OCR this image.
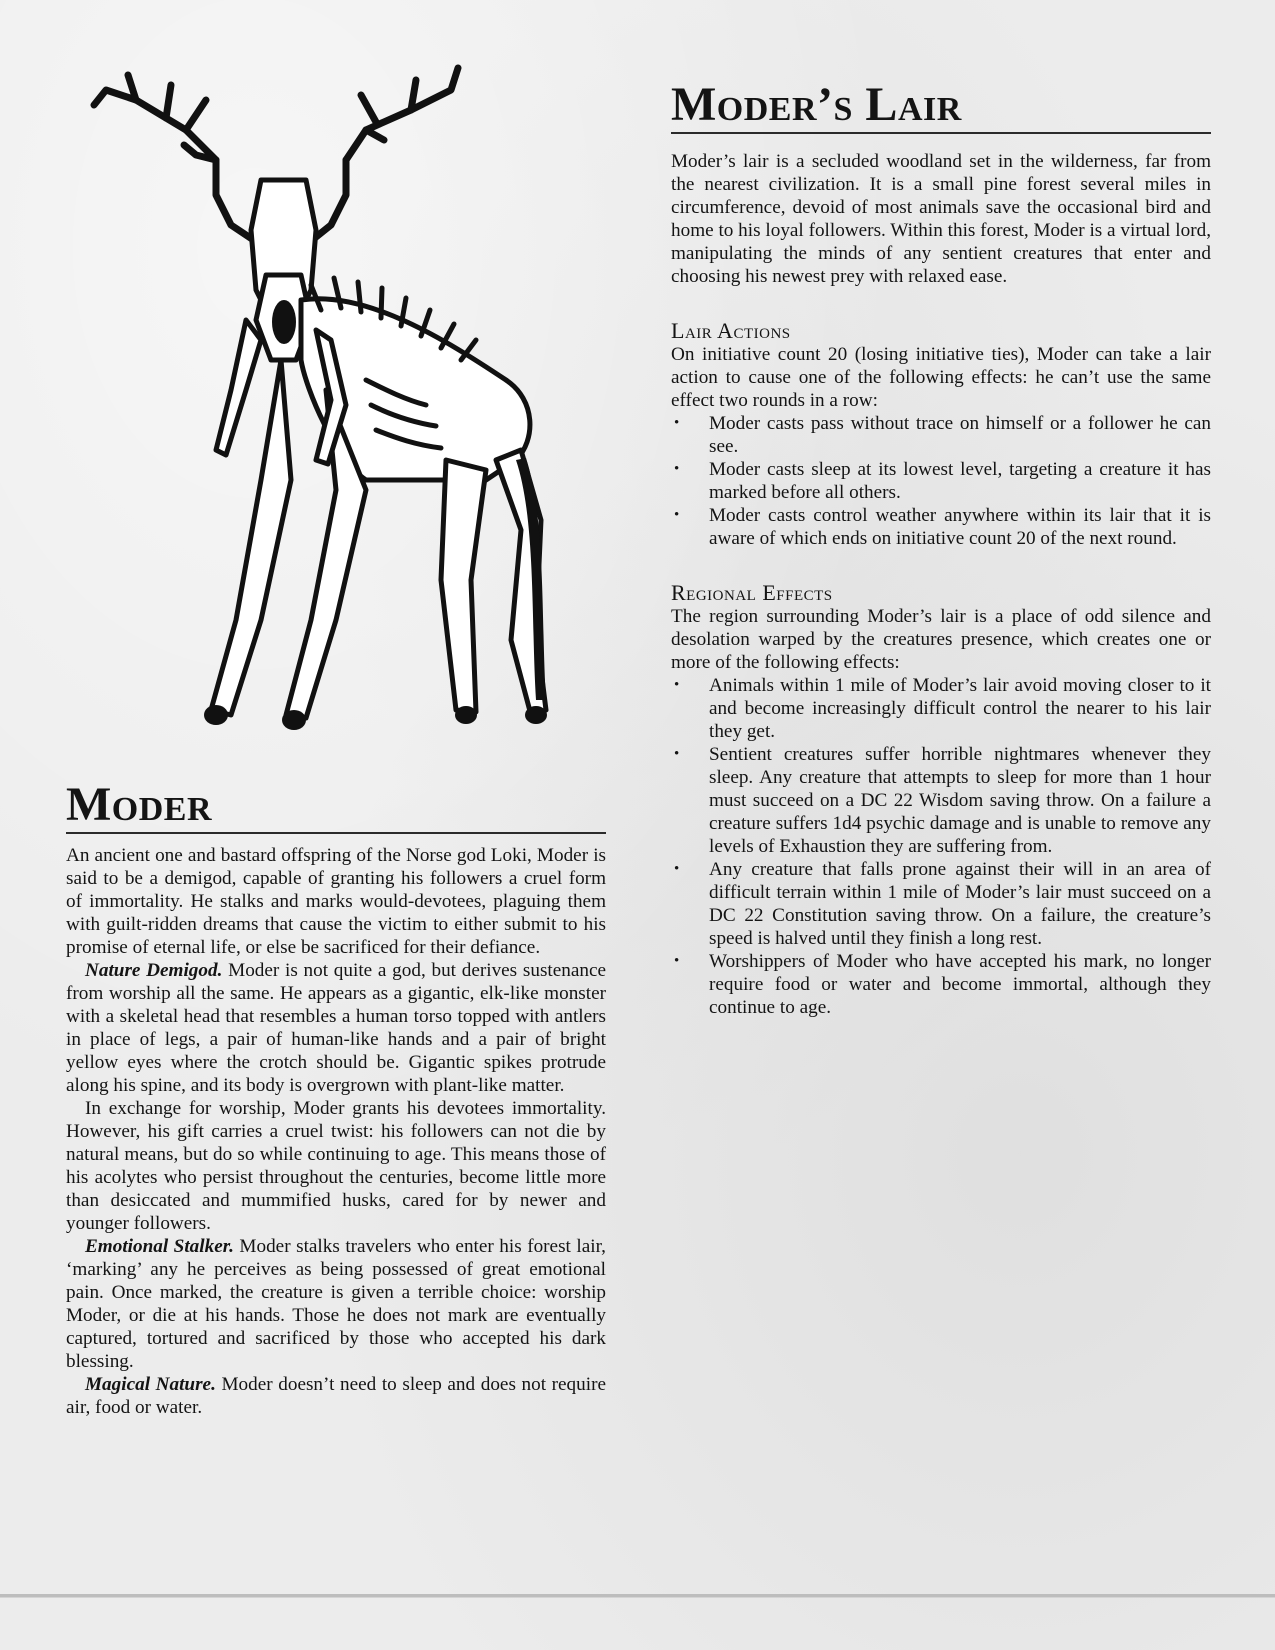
Moder

An ancient one and bastard offspring of the Norse god Loki, Moder is said to be a demigod, capable of granting his followers a cruel form of immortality. He stalks and marks would-devotees, plaguing them with guilt-ridden dreams that cause the victim to either submit to his promise of eternal life, or else be sacrificed for their defiance.

Nature Demigod. Moder is not quite a god, but derives sustenance from worship all the same. He appears as a gigantic, elk-like monster with a skeletal head that resembles a human torso topped with antlers in place of legs, a pair of human-like hands and a pair of bright yellow eyes where the crotch should be. Gigantic spikes protrude along his spine, and its body is overgrown with plant-like matter.

In exchange for worship, Moder grants his devotees immortality. However, his gift carries a cruel twist: his followers can not die by natural means, but do so while continuing to age. This means those of his acolytes who persist throughout the centuries, become little more than desiccated and mummified husks, cared for by newer and younger followers.

Emotional Stalker. Moder stalks travelers who enter his forest lair, ‘marking’ any he perceives as being possessed of great emotional pain. Once marked, the creature is given a terrible choice: worship Moder, or die at his hands. Those he does not mark are eventually captured, tortured and sacrificed by those who accepted his dark blessing.

Magical Nature. Moder doesn’t need to sleep and does not require air, food or water.

Moder’s Lair

Moder’s lair is a secluded woodland set in the wilderness, far from the nearest civilization. It is a small pine forest several miles in circumference, devoid of most animals save the occasional bird and home to his loyal followers. Within this forest, Moder is a virtual lord, manipulating the minds of any sentient creatures that enter and choosing his newest prey with relaxed ease.

Lair Actions

On initiative count 20 (losing initiative ties), Moder can take a lair action to cause one of the following effects: he can’t use the same effect two rounds in a row:

• Moder casts pass without trace on himself or a follower he can see.
• Moder casts sleep at its lowest level, targeting a creature it has marked before all others.
• Moder casts control weather anywhere within its lair that it is aware of which ends on initiative count 20 of the next round.
Regional Effects

The region surrounding Moder’s lair is a place of odd silence and desolation warped by the creatures presence, which creates one or more of the following effects:

• Animals within 1 mile of Moder’s lair avoid moving closer to it and become increasingly difficult control the nearer to his lair they get.
• Sentient creatures suffer horrible nightmares whenever they sleep. Any creature that attempts to sleep for more than 1 hour must succeed on a DC 22 Wisdom saving throw. On a failure a creature suffers 1d4 psychic damage and is unable to remove any levels of Exhaustion they are suffering from.
• Any creature that falls prone against their will in an area of difficult terrain within 1 mile of Moder’s lair must succeed on a DC 22 Constitution saving throw. On a failure, the creature’s speed is halved until they finish a long rest.
• Worshippers of Moder who have accepted his mark, no longer require food or water and become immortal, although they continue to age.
